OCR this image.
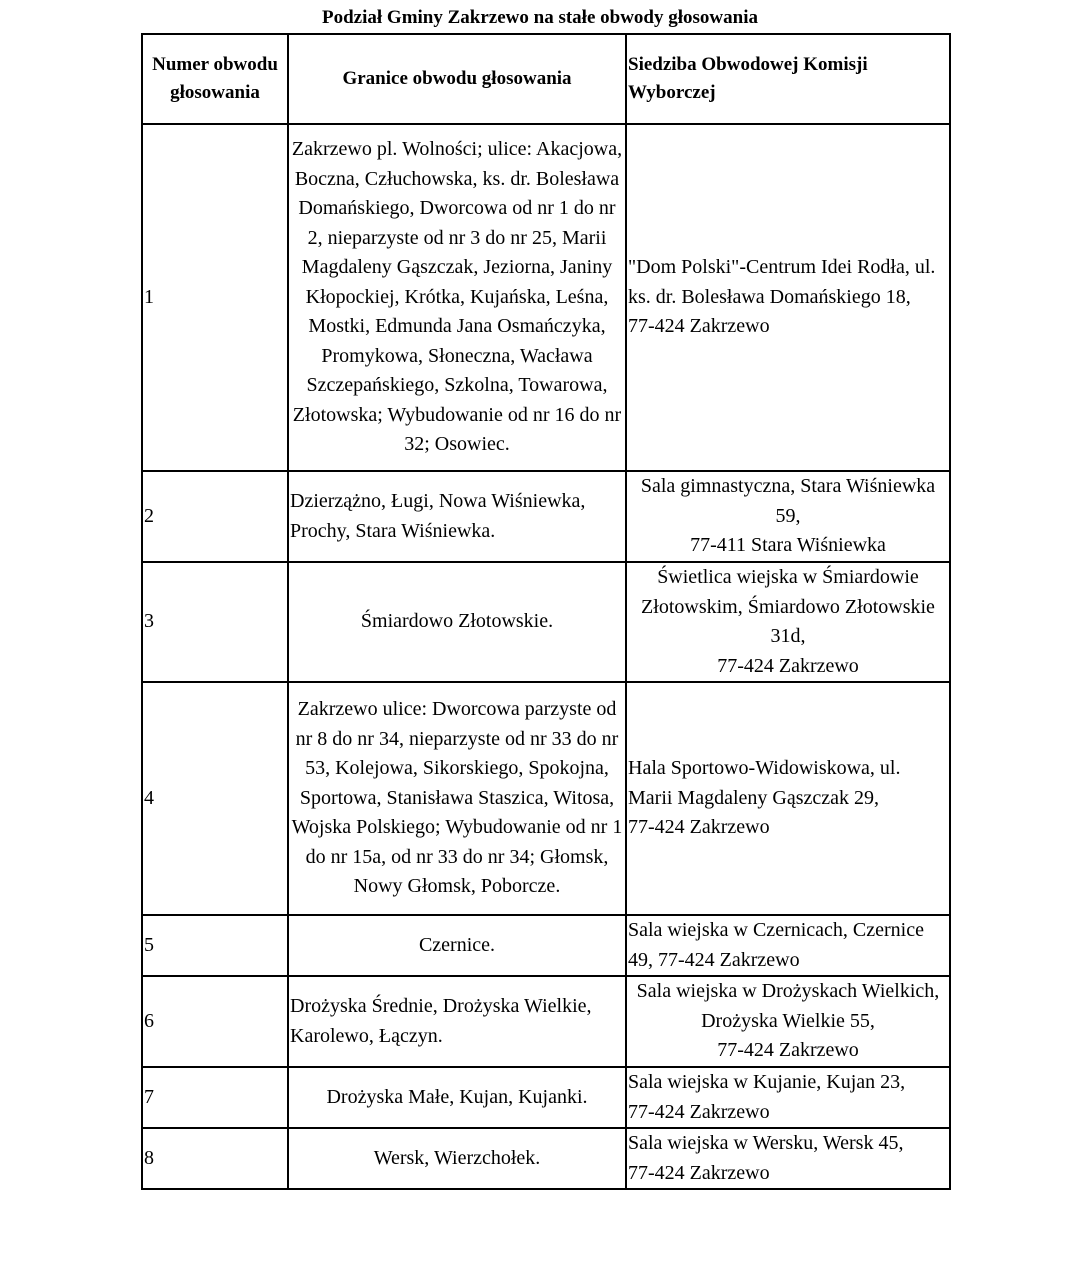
Podział Gminy Zakrzewo na stałe obwody głosowania
Numer obwodu głosowania	Granice obwodu głosowania	Siedziba Obwodowej Komisji Wyborczej
1	Zakrzewo pl. Wolności; ulice: Akacjowa, Boczna, Człuchowska, ks. dr. Bolesława Domańskiego, Dworcowa od nr 1 do nr 2, nieparzyste od nr 3 do nr 25, Marii Magdaleny Gąszczak, Jeziorna, Janiny Kłopockiej, Krótka, Kujańska, Leśna, Mostki, Edmunda Jana Osmańczyka, Promykowa, Słoneczna, Wacława Szczepańskiego, Szkolna, Towarowa, Złotowska; Wybudowanie od nr 16 do nr 32; Osowiec.	"Dom Polski"-Centrum Idei Rodła, ul. ks. dr. Bolesława Domańskiego 18,
77-424 Zakrzewo

2	Dzierzążno, Ługi, Nowa Wiśniewka, Prochy, Stara Wiśniewka.	Sala gimnastyczna, Stara Wiśniewka 59,
77-411 Stara Wiśniewka

3	Śmiardowo Złotowskie.	Świetlica wiejska w Śmiardowie Złotowskim, Śmiardowo Złotowskie 31d,
77-424 Zakrzewo

4	Zakrzewo ulice: Dworcowa parzyste od nr 8 do nr 34, nieparzyste od nr 33 do nr 53, Kolejowa, Sikorskiego, Spokojna, Sportowa, Stanisława Staszica, Witosa, Wojska Polskiego; Wybudowanie od nr 1 do nr 15a, od nr 33 do nr 34; Głomsk, Nowy Głomsk, Poborcze.	Hala Sportowo-Widowiskowa, ul. Marii Magdaleny Gąszczak 29,
77-424 Zakrzewo

5	Czernice.	Sala wiejska w Czernicach, Czernice 49, 77-424 Zakrzewo

6	Drożyska Średnie, Drożyska Wielkie, Karolewo, Łączyn.	Sala wiejska w Drożyskach Wielkich, Drożyska Wielkie 55,
77-424 Zakrzewo

7	Drożyska Małe, Kujan, Kujanki.	Sala wiejska w Kujanie, Kujan 23,
77-424 Zakrzewo

8	Wersk, Wierzchołek.	Sala wiejska w Wersku, Wersk 45,
77-424 Zakrzewo
